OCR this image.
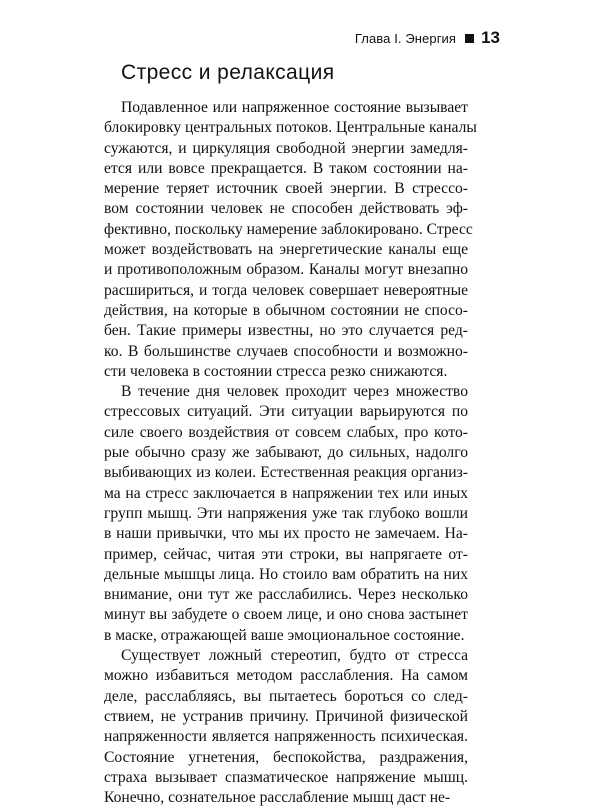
Глава I. Энергия 13
Стресс и релаксация

Подавленное или напряженное состояние вызывает
блокировку центральных потоков. Центральные каналы
сужаются, и циркуляция свободной энергии замедля-
ется или вовсе прекращается. В таком состоянии на-
мерение теряет источник своей энергии. В стрессо-
вом состоянии человек не способен действовать эф-
фективно, поскольку намерение заблокировано. Стресс
может воздействовать на энергетические каналы еще
и противоположным образом. Каналы могут внезапно
расшириться, и тогда человек совершает невероятные
действия, на которые в обычном состоянии не спосо-
бен. Такие примеры известны, но это случается ред-
ко. В большинстве случаев способности и возможно-
сти человека в состоянии стресса резко снижаются.

В течение дня человек проходит через множество
стрессовых ситуаций. Эти ситуации варьируются по
силе своего воздействия от совсем слабых, про кото-
рые обычно сразу же забывают, до сильных, надолго
выбивающих из колеи. Естественная реакция организ-
ма на стресс заключается в напряжении тех или иных
групп мышц. Эти напряжения уже так глубоко вошли
в наши привычки, что мы их просто не замечаем. На-
пример, сейчас, читая эти строки, вы напрягаете от-
дельные мышцы лица. Но стоило вам обратить на них
внимание, они тут же расслабились. Через несколько
минут вы забудете о своем лице, и оно снова застынет
в маске, отражающей ваше эмоциональное состояние.

Существует ложный стереотип, будто от стресса
можно избавиться методом расслабления. На самом
деле, расслабляясь, вы пытаетесь бороться со след-
ствием, не устранив причину. Причиной физической
напряженности является напряженность психическая.
Состояние угнетения, беспокойства, раздражения,
страха вызывает спазматическое напряжение мышц.
Конечно, сознательное расслабление мышц даст не-
